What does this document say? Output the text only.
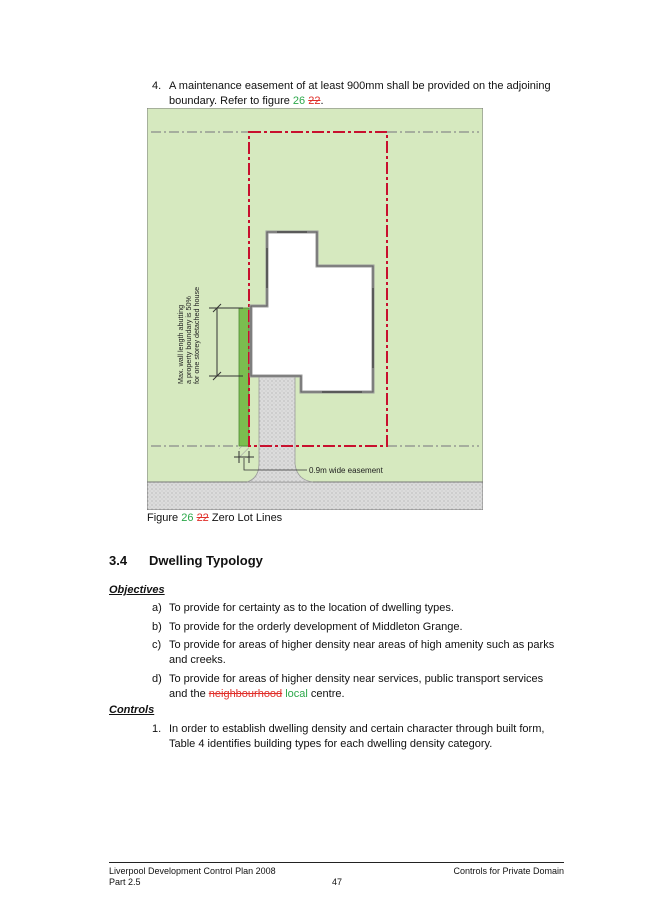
4. A maintenance easement of at least 900mm shall be provided on the adjoining boundary. Refer to figure 26 22.
Max. wall length abutting a property boundary is 50% for one storey detached house
0.9m wide easement
Figure 26 22 Zero Lot Lines
3.4 Dwelling Typology
Objectives
a) To provide for certainty as to the location of dwelling types.
b) To provide for the orderly development of Middleton Grange.
c) To provide for areas of higher density near areas of high amenity such as parks and creeks.
d) To provide for areas of higher density near services, public transport services and the neighbourhood local centre.
Controls
1. In order to establish dwelling density and certain character through built form, Table 4 identifies building types for each dwelling density category.
Liverpool Development Control Plan 2008
Part 2.5	47
Controls for Private Domain
